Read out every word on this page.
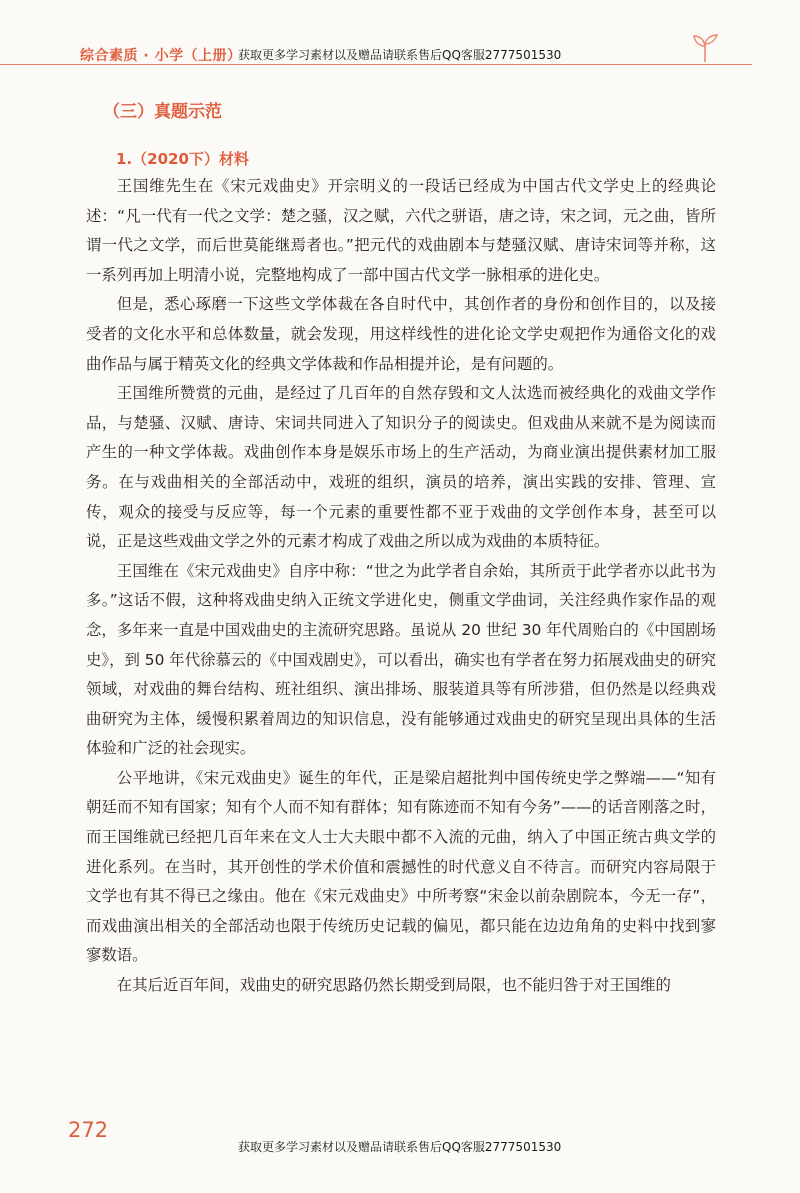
综合素质 · 小学（上册）
获取更多学习素材以及赠品请联系售后QQ客服2777501530
（三）真题示范
1.（2020下）材料

王国维先生在《宋元戏曲史》开宗明义的一段话已经成为中国古代文学史上的经典论述：“凡一代有一代之文学：楚之骚，汉之赋，六代之骈语，唐之诗，宋之词，元之曲，皆所谓一代之文学，而后世莫能继焉者也。”把元代的戏曲剧本与楚骚汉赋、唐诗宋词等并称，这一系列再加上明清小说，完整地构成了一部中国古代文学一脉相承的进化史。

但是，悉心琢磨一下这些文学体裁在各自时代中，其创作者的身份和创作目的，以及接受者的文化水平和总体数量，就会发现，用这样线性的进化论文学史观把作为通俗文化的戏曲作品与属于精英文化的经典文学体裁和作品相提并论，是有问题的。

王国维所赞赏的元曲，是经过了几百年的自然存毁和文人汰选而被经典化的戏曲文学作品，与楚骚、汉赋、唐诗、宋词共同进入了知识分子的阅读史。但戏曲从来就不是为阅读而产生的一种文学体裁。戏曲创作本身是娱乐市场上的生产活动，为商业演出提供素材加工服务。在与戏曲相关的全部活动中，戏班的组织，演员的培养，演出实践的安排、管理、宣传，观众的接受与反应等，每一个元素的重要性都不亚于戏曲的文学创作本身，甚至可以说，正是这些戏曲文学之外的元素才构成了戏曲之所以成为戏曲的本质特征。

王国维在《宋元戏曲史》自序中称：“世之为此学者自余始，其所贡于此学者亦以此书为多。”这话不假，这种将戏曲史纳入正统文学进化史，侧重文学曲词，关注经典作家作品的观念，多年来一直是中国戏曲史的主流研究思路。虽说从 20 世纪 30 年代周贻白的《中国剧场史》，到 50 年代徐慕云的《中国戏剧史》，可以看出，确实也有学者在努力拓展戏曲史的研究领域，对戏曲的舞台结构、班社组织、演出排场、服装道具等有所涉猎，但仍然是以经典戏曲研究为主体，缓慢积累着周边的知识信息，没有能够通过戏曲史的研究呈现出具体的生活体验和广泛的社会现实。

公平地讲，《宋元戏曲史》诞生的年代，正是梁启超批判中国传统史学之弊端——“知有朝廷而不知有国家；知有个人而不知有群体；知有陈迹而不知有今务”——的话音刚落之时，而王国维就已经把几百年来在文人士大夫眼中都不入流的元曲，纳入了中国正统古典文学的进化系列。在当时，其开创性的学术价值和震撼性的时代意义自不待言。而研究内容局限于文学也有其不得已之缘由。他在《宋元戏曲史》中所考察“宋金以前杂剧院本，今无一存”，而戏曲演出相关的全部活动也限于传统历史记载的偏见，都只能在边边角角的史料中找到寥寥数语。

在其后近百年间，戏曲史的研究思路仍然长期受到局限，也不能归咎于对王国维的

272
获取更多学习素材以及赠品请联系售后QQ客服2777501530
